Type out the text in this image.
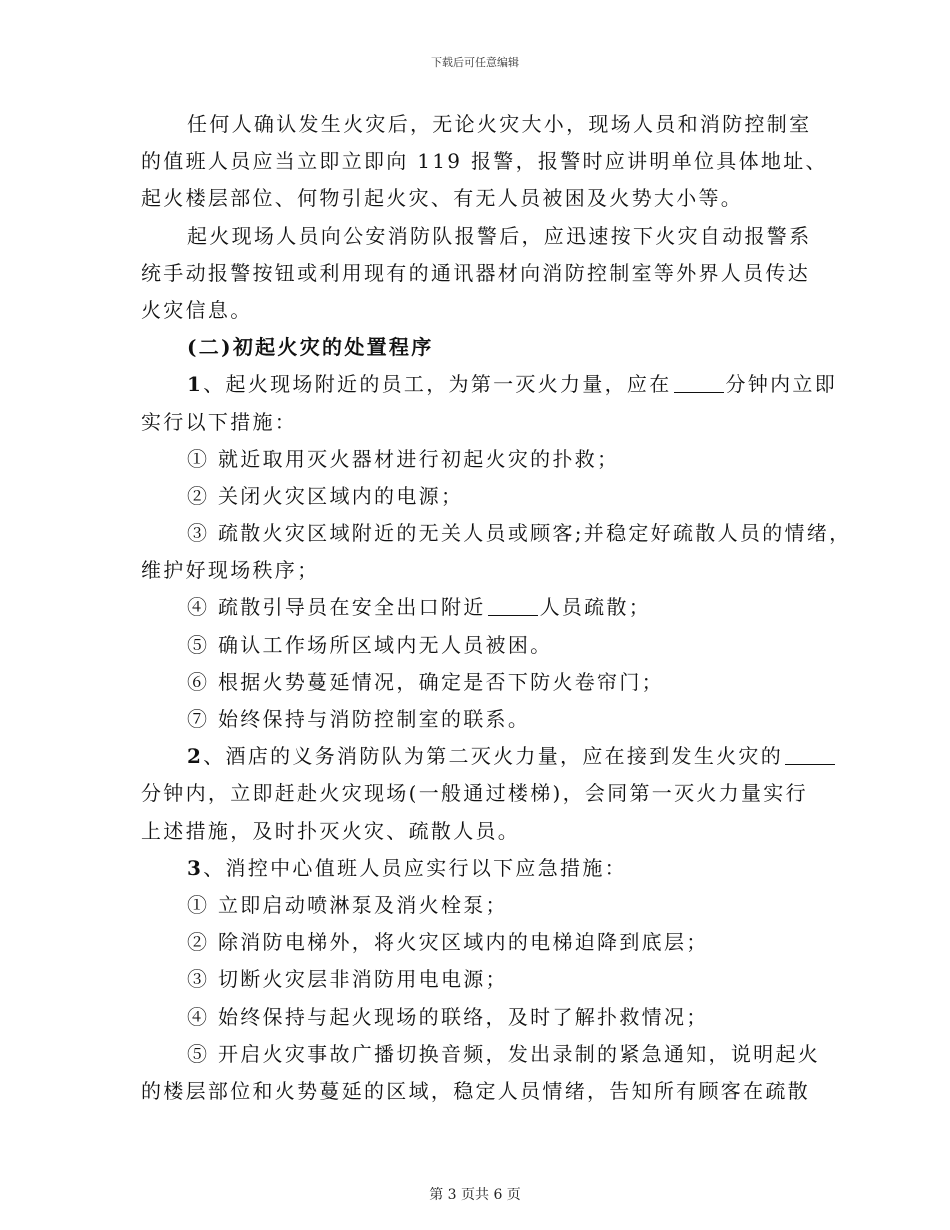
下载后可任意编辑
任何人确认发生火灾后，无论火灾大小，现场人员和消防控制室
的值班人员应当立即立即向 119 报警，报警时应讲明单位具体地址、
起火楼层部位、何物引起火灾、有无人员被困及火势大小等。
起火现场人员向公安消防队报警后，应迅速按下火灾自动报警系
统手动报警按钮或利用现有的通讯器材向消防控制室等外界人员传达
火灾信息。
(二)初起火灾的处置程序
1、起火现场附近的员工，为第一灭火力量，应在	分钟内立即
实行以下措施：
① 就近取用灭火器材进行初起火灾的扑救；
② 关闭火灾区域内的电源；
③ 疏散火灾区域附近的无关人员或顾客;并稳定好疏散人员的情绪，
维护好现场秩序；
④ 疏散引导员在安全出口附近	人员疏散；
⑤ 确认工作场所区域内无人员被困。
⑥ 根据火势蔓延情况，确定是否下防火卷帘门；
⑦ 始终保持与消防控制室的联系。
2、酒店的义务消防队为第二灭火力量，应在接到发生火灾的
分钟内，立即赶赴火灾现场(一般通过楼梯)，会同第一灭火力量实行
上述措施，及时扑灭火灾、疏散人员。
3、消控中心值班人员应实行以下应急措施：
① 立即启动喷淋泵及消火栓泵；
② 除消防电梯外，将火灾区域内的电梯迫降到底层；
③ 切断火灾层非消防用电电源；
④ 始终保持与起火现场的联络，及时了解扑救情况；
⑤ 开启火灾事故广播切换音频，发出录制的紧急通知，说明起火
的楼层部位和火势蔓延的区域，稳定人员情绪，告知所有顾客在疏散
第 3 页共 6 页
